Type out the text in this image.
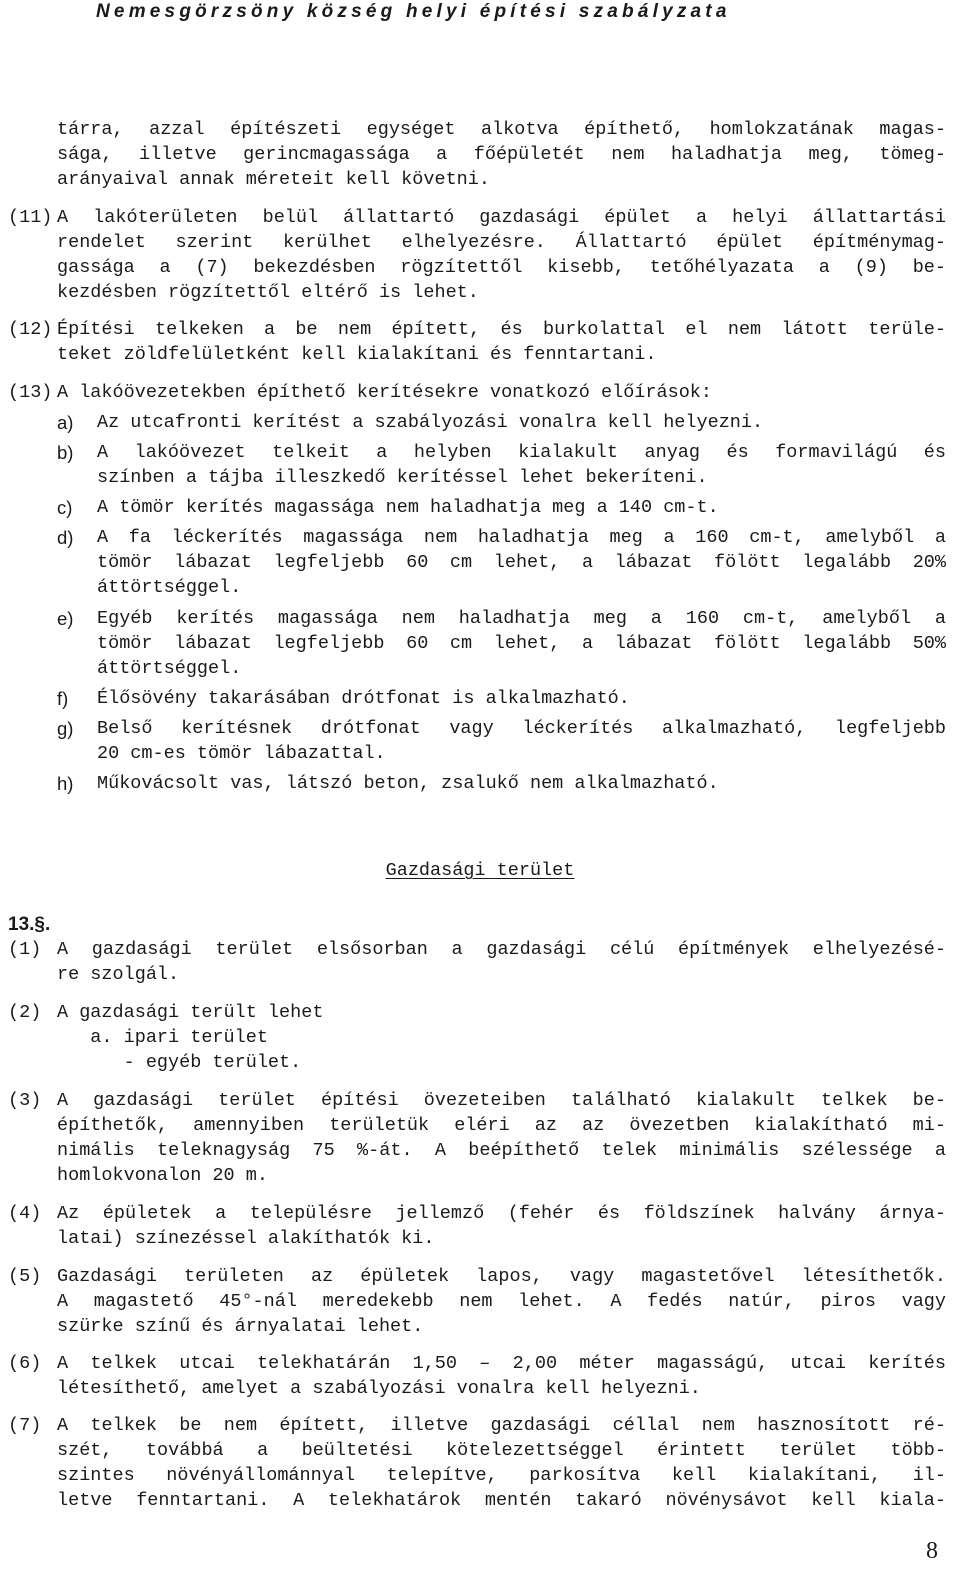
Nemesgörzsöny község helyi építési szabályzata
tárra, azzal építészeti egységet alkotva építhető, homlokzatának magas-
sága, illetve gerincmagassága a főépületét nem haladhatja meg, tömeg-
arányaival annak méreteit kell követni.
(11) A lakóterületen belül állattartó gazdasági épület a helyi állattartási
rendelet szerint kerülhet elhelyezésre. Állattartó épület építménymag-
gassága a (7) bekezdésben rögzítettől kisebb, tetőhélyazata a (9) be-
kezdésben rögzítettől eltérő is lehet.
(12) Építési telkeken a be nem épített, és burkolattal el nem látott terüle-
teket zöldfelületként kell kialakítani és fenntartani.
(13) A lakóövezetekben építhető kerítésekre vonatkozó előírások:
a) Az utcafronti kerítést a szabályozási vonalra kell helyezni.
b) A lakóövezet telkeit a helyben kialakult anyag és formavilágú és
színben a tájba illeszkedő kerítéssel lehet bekeríteni.
c) A tömör kerítés magassága nem haladhatja meg a 140 cm-t.
d) A fa léckerítés magassága nem haladhatja meg a 160 cm-t, amelyből a
tömör lábazat legfeljebb 60 cm lehet, a lábazat fölött legalább 20%
áttörtséggel.
e) Egyéb kerítés magassága nem haladhatja meg a 160 cm-t, amelyből a
tömör lábazat legfeljebb 60 cm lehet, a lábazat fölött legalább 50%
áttörtséggel.
f) Élősövény takarásában drótfonat is alkalmazható.
g) Belső kerítésnek drótfonat vagy léckerítés alkalmazható, legfeljebb
20 cm-es tömör lábazattal.
h) Műkovácsolt vas, látszó beton, zsalukő nem alkalmazható.
Gazdasági terület
13.§.
(1) A gazdasági terület elsősorban a gazdasági célú építmények elhelyezésé-
re szolgál.
(2) A gazdasági terült lehet
a. ipari terület
- egyéb terület.
(3) A gazdasági terület építési övezeteiben található kialakult telkek be-
építhetők, amennyiben területük eléri az az övezetben kialakítható mi-
nimális teleknagyság 75 %-át. A beépíthető telek minimális szélessége a
homlokvonalon 20 m.
(4) Az épületek a településre jellemző (fehér és földszínek halvány árnya-
latai) színezéssel alakíthatók ki.
(5) Gazdasági területen az épületek lapos, vagy magastetővel létesíthetők.
A magastető 45°-nál meredekebb nem lehet. A fedés natúr, piros vagy
szürke színű és árnyalatai lehet.
(6) A telkek utcai telekhatárán 1,50 – 2,00 méter magasságú, utcai kerítés
létesíthető, amelyet a szabályozási vonalra kell helyezni.
(7) A telkek be nem épített, illetve gazdasági céllal nem hasznosított ré-
szét, továbbá a beültetési kötelezettséggel érintett terület több-
szintes növényállománnyal telepítve, parkosítva kell kialakítani, il-
letve fenntartani. A telekhatárok mentén takaró növénysávot kell kiala-
8
